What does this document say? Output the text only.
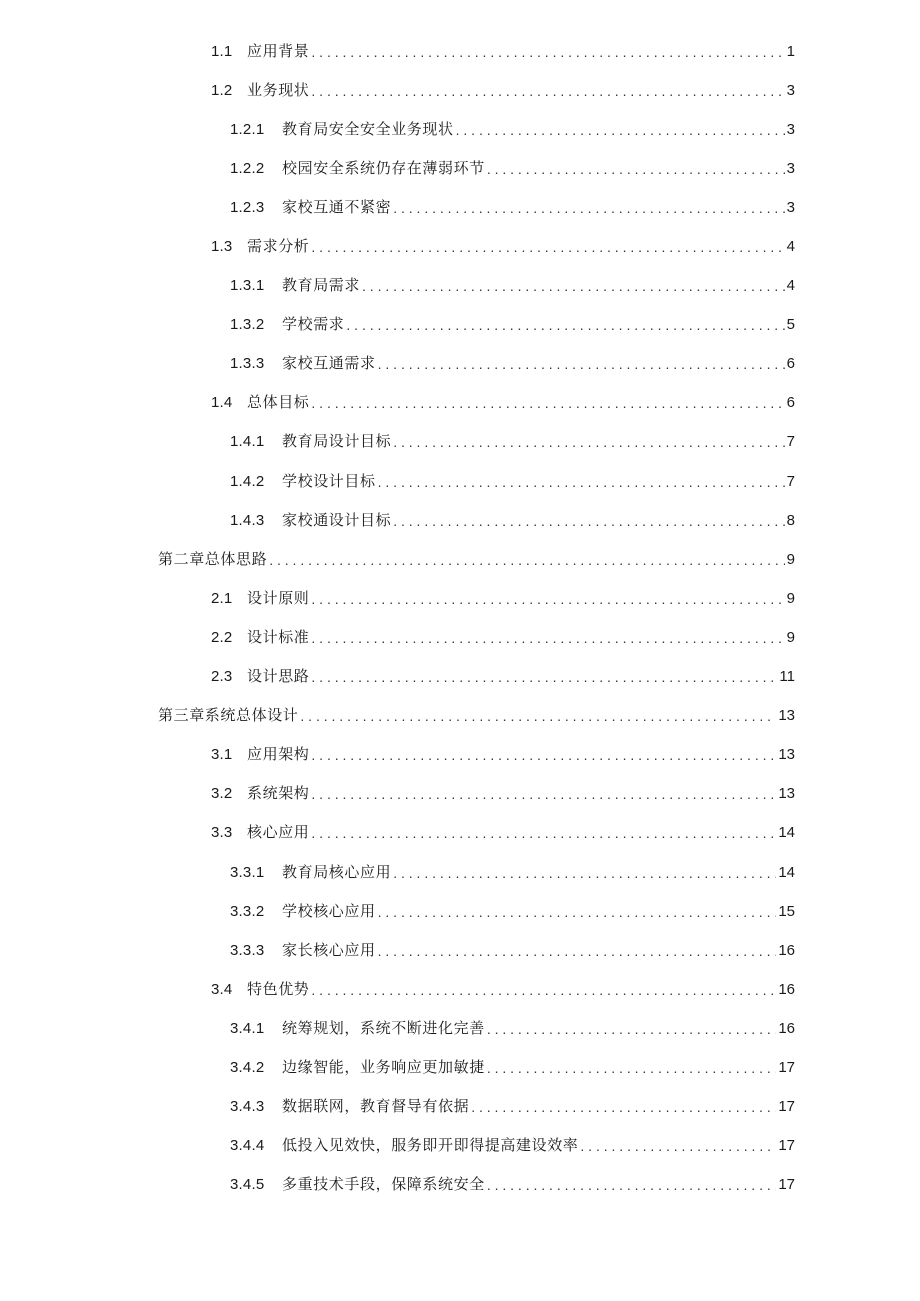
1.1 应用背景 . . .	1
1.2 业务现状 . . .	3
1.2.1	教育局安全安全业务现状 . . .	3
1.2.2	校园安全系统仍存在薄弱环节 . . .	3
1.2.3	家校互通不紧密 . . .	3
1.3 需求分析 . . .	4
1.3.1	教育局需求 . . .	4
1.3.2	学校需求 . . .	5
1.3.3	家校互通需求 . . .	6
1.4 总体目标 . . .	6
1.4.1	教育局设计目标 . . .	7
1.4.2	学校设计目标 . . .	7
1.4.3	家校通设计目标 . . .	8
第二章总体思路 . . .	9
2.1 设计原则 . . .	9
2.2 设计标准 . . .	9
2.3 设计思路 . . .	11
第三章系统总体设计 . . .	13
3.1 应用架构 . . .	13
3.2 系统架构 . . .	13
3.3 核心应用 . . .	14
3.3.1	教育局核心应用 . . .	14
3.3.2	学校核心应用 . . .	15
3.3.3	家长核心应用 . . .	16
3.4 特色优势 . . .	16
3.4.1	统筹规划，系统不断进化完善 . . .	16
3.4.2	边缘智能，业务响应更加敏捷 . . .	17
3.4.3	数据联网，教育督导有依据 . . .	17
3.4.4	低投入见效快，服务即开即得提高建设效率 . . .	17
3.4.5	多重技术手段，保障系统安全 . . .	17
